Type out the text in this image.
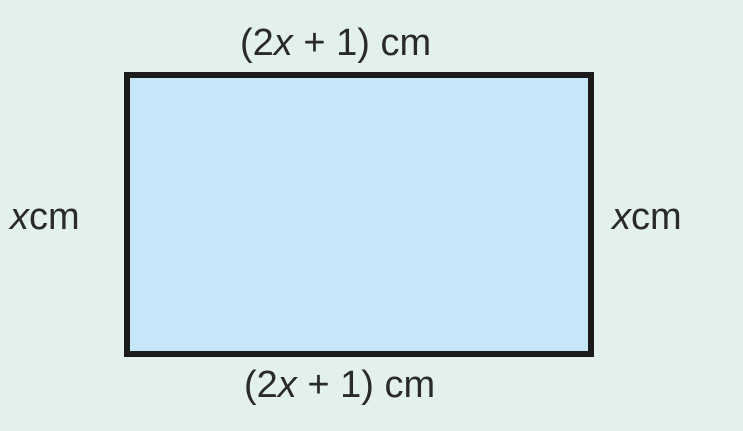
(2x + 1) cm
(2x + 1) cm
xcm	xcm
